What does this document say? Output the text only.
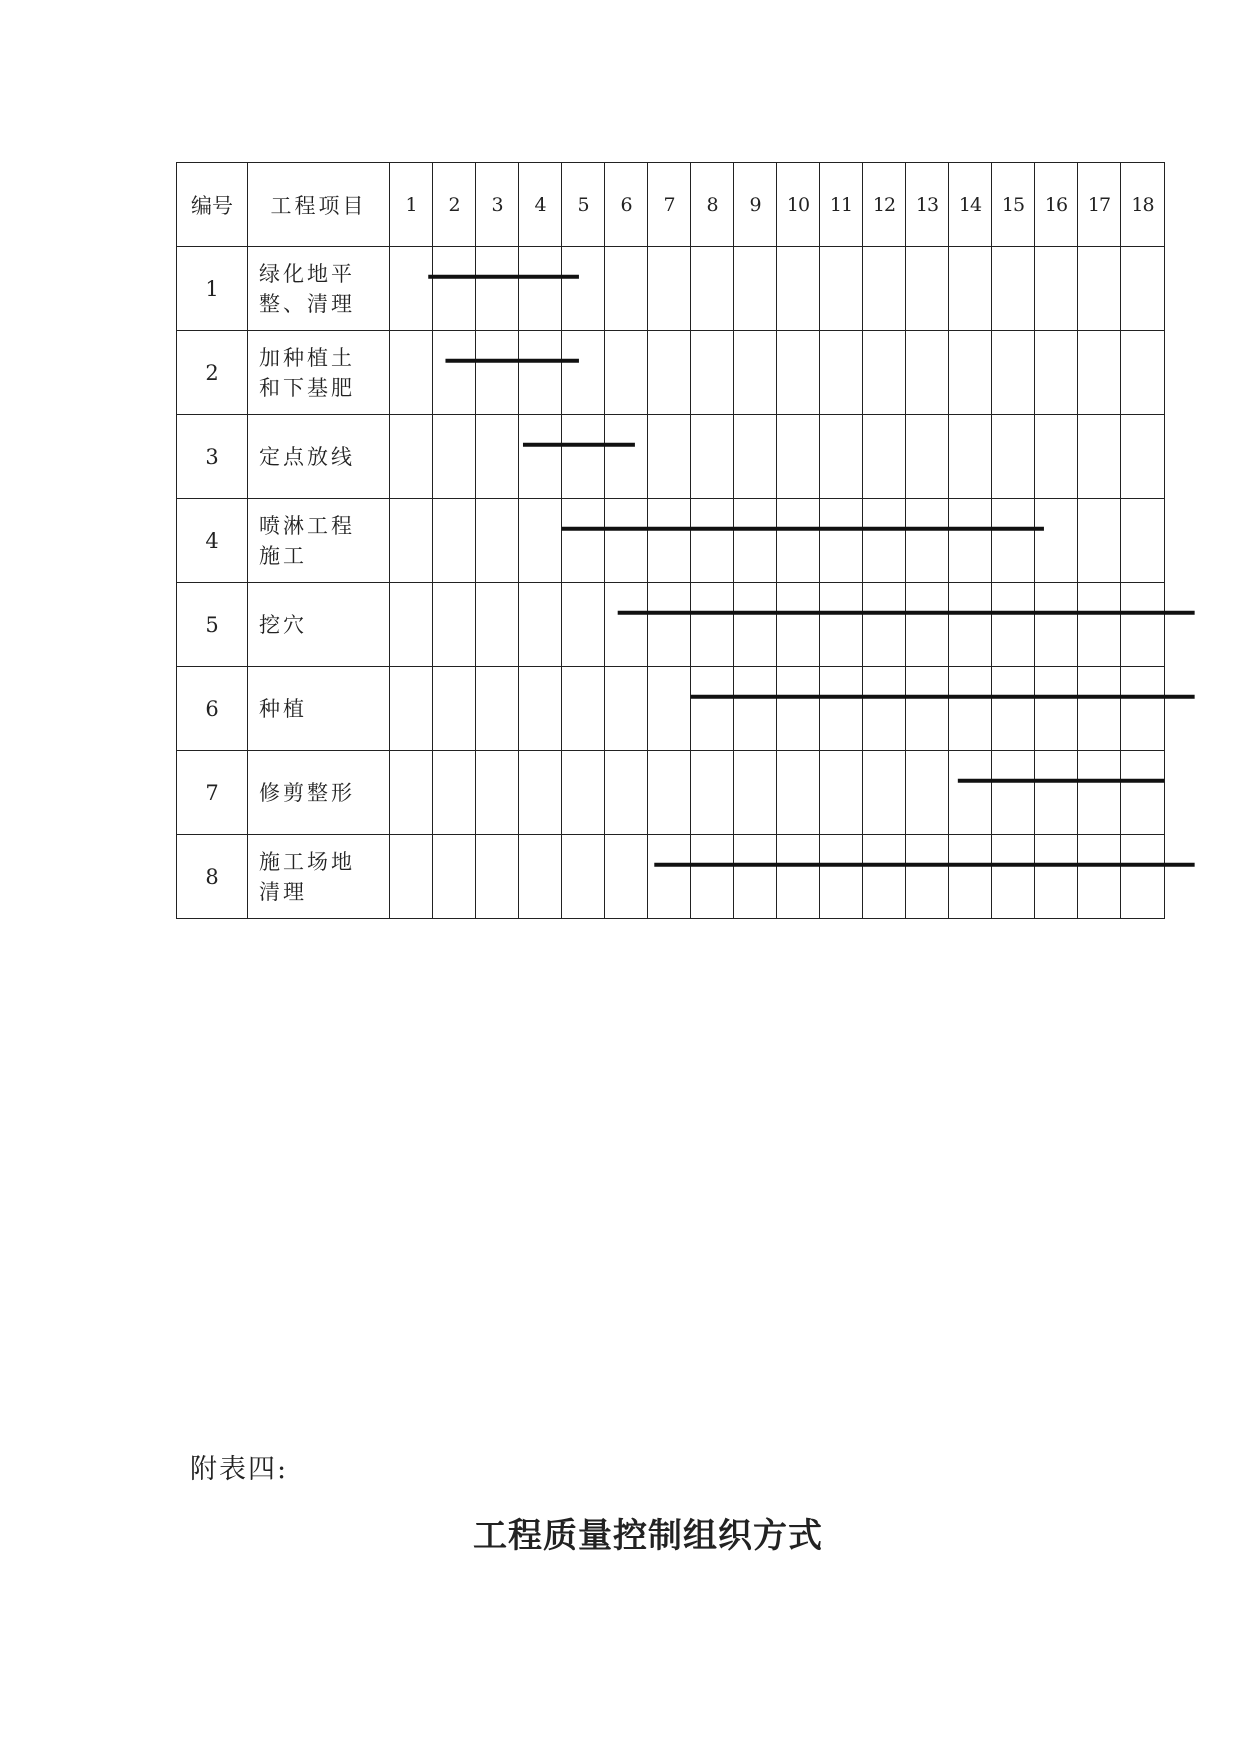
编号	工程项目	1	2	3	4	5	6	7	8	9	10	11	12	13	14	15	16	17	18
1	绿化地平
整、清理																		

2	加种植土
和下基肥																		

3	定点放线																		

4	喷淋工程
施工																		

5	挖穴																		

6	种植																		

7	修剪整形																		

8	施工场地
清理																		

附表四:
工程质量控制组织方式
